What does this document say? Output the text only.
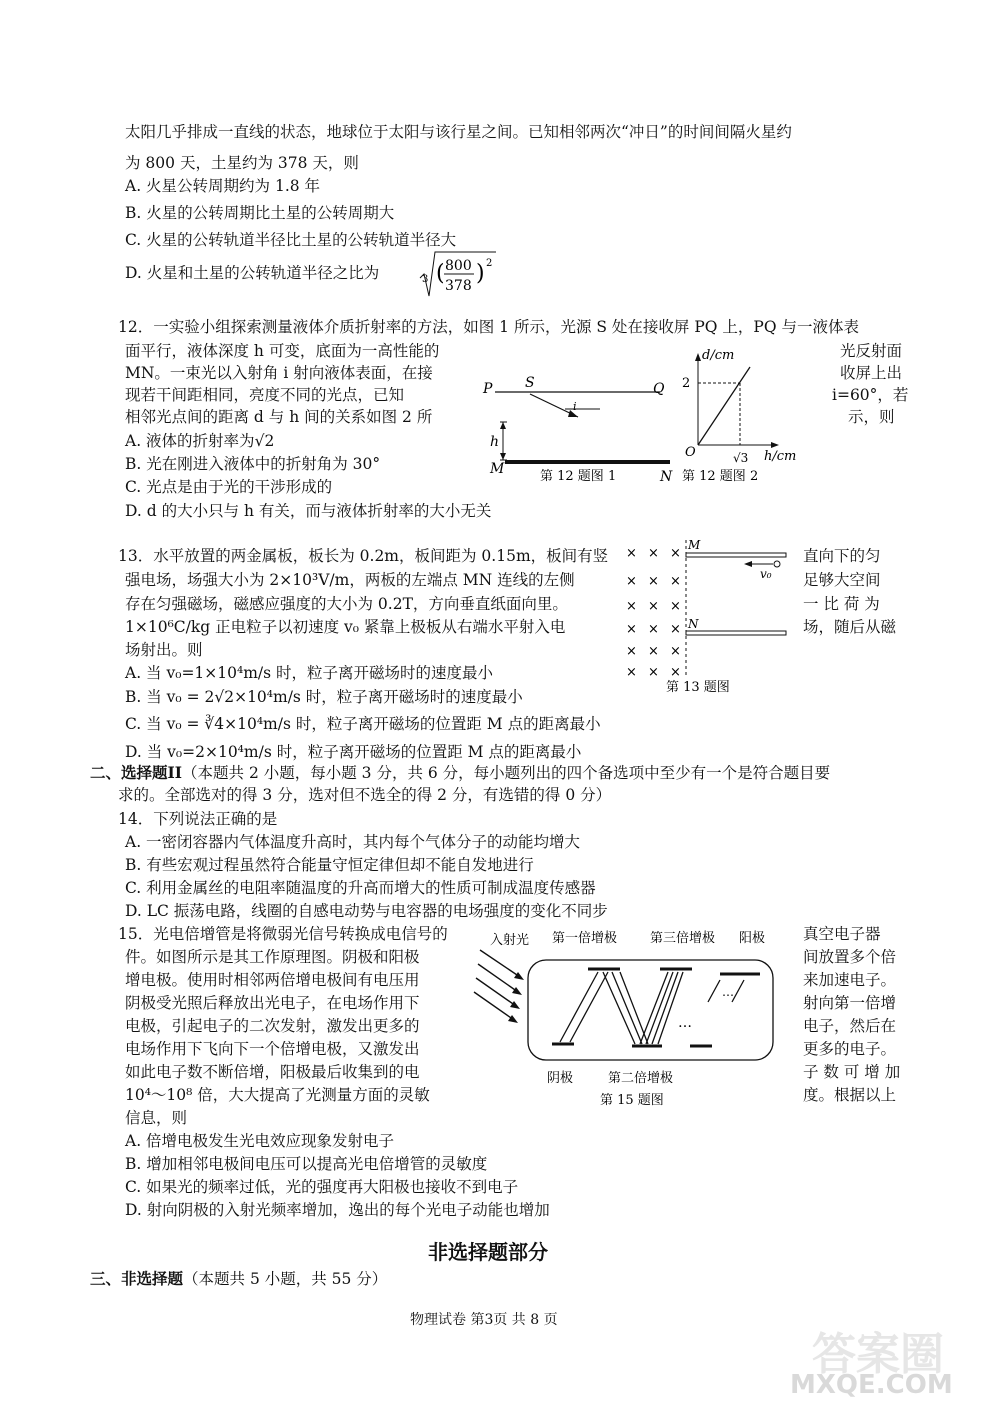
太阳几乎排成一直线的状态，地球位于太阳与该行星之间。已知相邻两次“冲日”的时间间隔火星约
为 800 天，土星约为 378 天，则
A. 火星公转周期约为 1.8 年
B. 火星的公转周期比土星的公转周期大
C. 火星的公转轨道半径比土星的公转轨道半径大
D. 火星和土星的公转轨道半径之比为	3 ( 800
378 ) 2
12．一实验小组探索测量液体介质折射率的方法，如图 1 所示，光源 S 处在接收屏 PQ 上，PQ 与一液体表
面平行，液体深度 h 可变，底面为一高性能的	光反射面
MN。一束光以入射角 i 射向液体表面，在接	收屏上出
现若干间距相同，亮度不同的光点，已知	i=60°，若
相邻光点间的距离 d 与 h 间的关系如图 2 所	示，则
A. 液体的折射率为√2
B. 光在刚进入液体中的折射角为 30°
C. 光点是由于光的干涉形成的
D. d 的大小只与 h 有关，而与液体折射率的大小无关
P S	Q
i
h
M	N
第 12 题图 1
d/cm
2
O	√3 h/cm
第 12 题图 2
13．水平放置的两金属板，板长为 0.2m，板间距为 0.15m，板间有竖	直向下的匀
强电场，场强大小为 2×10³V/m，两板的左端点 MN 连线的左侧	足够大空间
存在匀强磁场，磁感应强度的大小为 0.2T，方向垂直纸面向里。	一 比 荷 为
1×10⁶C/kg 正电粒子以初速度 v₀ 紧靠上极板从右端水平射入电	场，随后从磁
场射出。则
A. 当 v₀=1×10⁴m/s 时，粒子离开磁场时的速度最小
B. 当 v₀ = 2√2×10⁴m/s 时，粒子离开磁场时的速度最小
C. 当 v₀ = ∛4×10⁴m/s 时，粒子离开磁场的位置距 M 点的距离最小
D. 当 v₀=2×10⁴m/s 时，粒子离开磁场的位置距 M 点的距离最小
× × ×
× × ×
× × ×
× × ×
× × ×
× × ×
M
N
v₀
第 13 题图
二、选择题II（本题共 2 小题，每小题 3 分，共 6 分，每小题列出的四个备选项中至少有一个是符合题目要
求的。全部选对的得 3 分，选对但不选全的得 2 分，有选错的得 0 分）
14．下列说法正确的是
A. 一密闭容器内气体温度升高时，其内每个气体分子的动能均增大
B. 有些宏观过程虽然符合能量守恒定律但却不能自发地进行
C. 利用金属丝的电阻率随温度的升高而增大的性质可制成温度传感器
D. LC 振荡电路，线圈的自感电动势与电容器的电场强度的变化不同步
15．光电倍增管是将微弱光信号转换成电信号的	真空电子器
件。如图所示是其工作原理图。阴极和阳极	间放置多个倍
增电极。使用时相邻两倍增电极间有电压用	来加速电子。
阴极受光照后释放出光电子，在电场作用下	射向第一倍增
电极，引起电子的二次发射，激发出更多的	电子，然后在
电场作用下飞向下一个倍增电极，又激发出	更多的电子。
如此电子数不断倍增，阳极最后收集到的电	子 数 可 增 加
10⁴～10⁸ 倍，大大提高了光测量方面的灵敏	度。根据以上
信息，则
A. 倍增电极发生光电效应现象发射电子
B. 增加相邻电极间电压可以提高光电倍增管的灵敏度
C. 如果光的频率过低，光的强度再大阳极也接收不到电子
D. 射向阴极的入射光频率增加，逸出的每个光电子动能也增加
入射光 第一倍增极	第三倍增极 阳极
阴极	第二倍增极
…
…
第 15 题图
非选择题部分
三、非选择题（本题共 5 小题，共 55 分）
物理试卷 第3页 共 8 页
答案圈
MXQE.COM
